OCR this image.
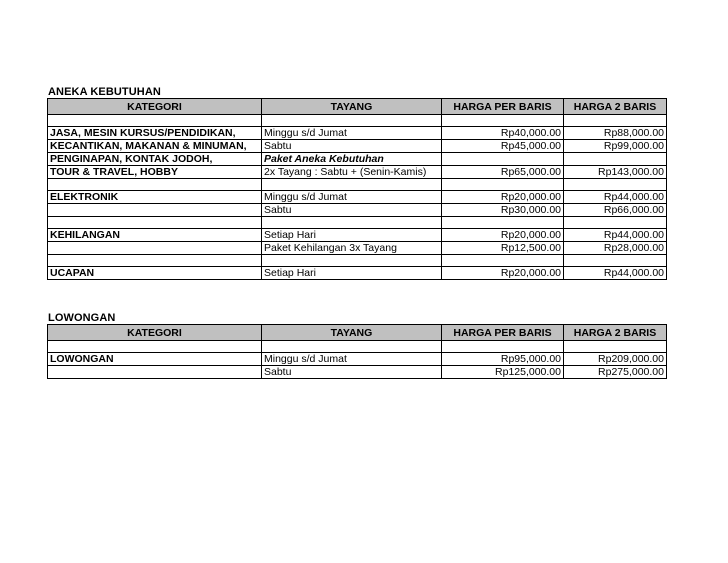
ANEKA KEBUTUHAN
KATEGORI	TAYANG	HARGA PER BARIS	HARGA 2 BARIS

JASA, MESIN KURSUS/PENDIDIKAN,	Minggu s/d Jumat	Rp40,000.00	Rp88,000.00
KECANTIKAN, MAKANAN & MINUMAN,	Sabtu	Rp45,000.00	Rp99,000.00
PENGINAPAN, KONTAK JODOH,	Paket Aneka Kebutuhan		
TOUR & TRAVEL, HOBBY	2x Tayang : Sabtu + (Senin-Kamis)	Rp65,000.00	Rp143,000.00

ELEKTRONIK	Minggu s/d Jumat	Rp20,000.00	Rp44,000.00
	Sabtu	Rp30,000.00	Rp66,000.00

KEHILANGAN	Setiap Hari	Rp20,000.00	Rp44,000.00
	Paket Kehilangan 3x Tayang	Rp12,500.00	Rp28,000.00

UCAPAN	Setiap Hari	Rp20,000.00	Rp44,000.00
LOWONGAN
KATEGORI	TAYANG	HARGA PER BARIS	HARGA 2 BARIS

LOWONGAN	Minggu s/d Jumat	Rp95,000.00	Rp209,000.00
	Sabtu	Rp125,000.00	Rp275,000.00
